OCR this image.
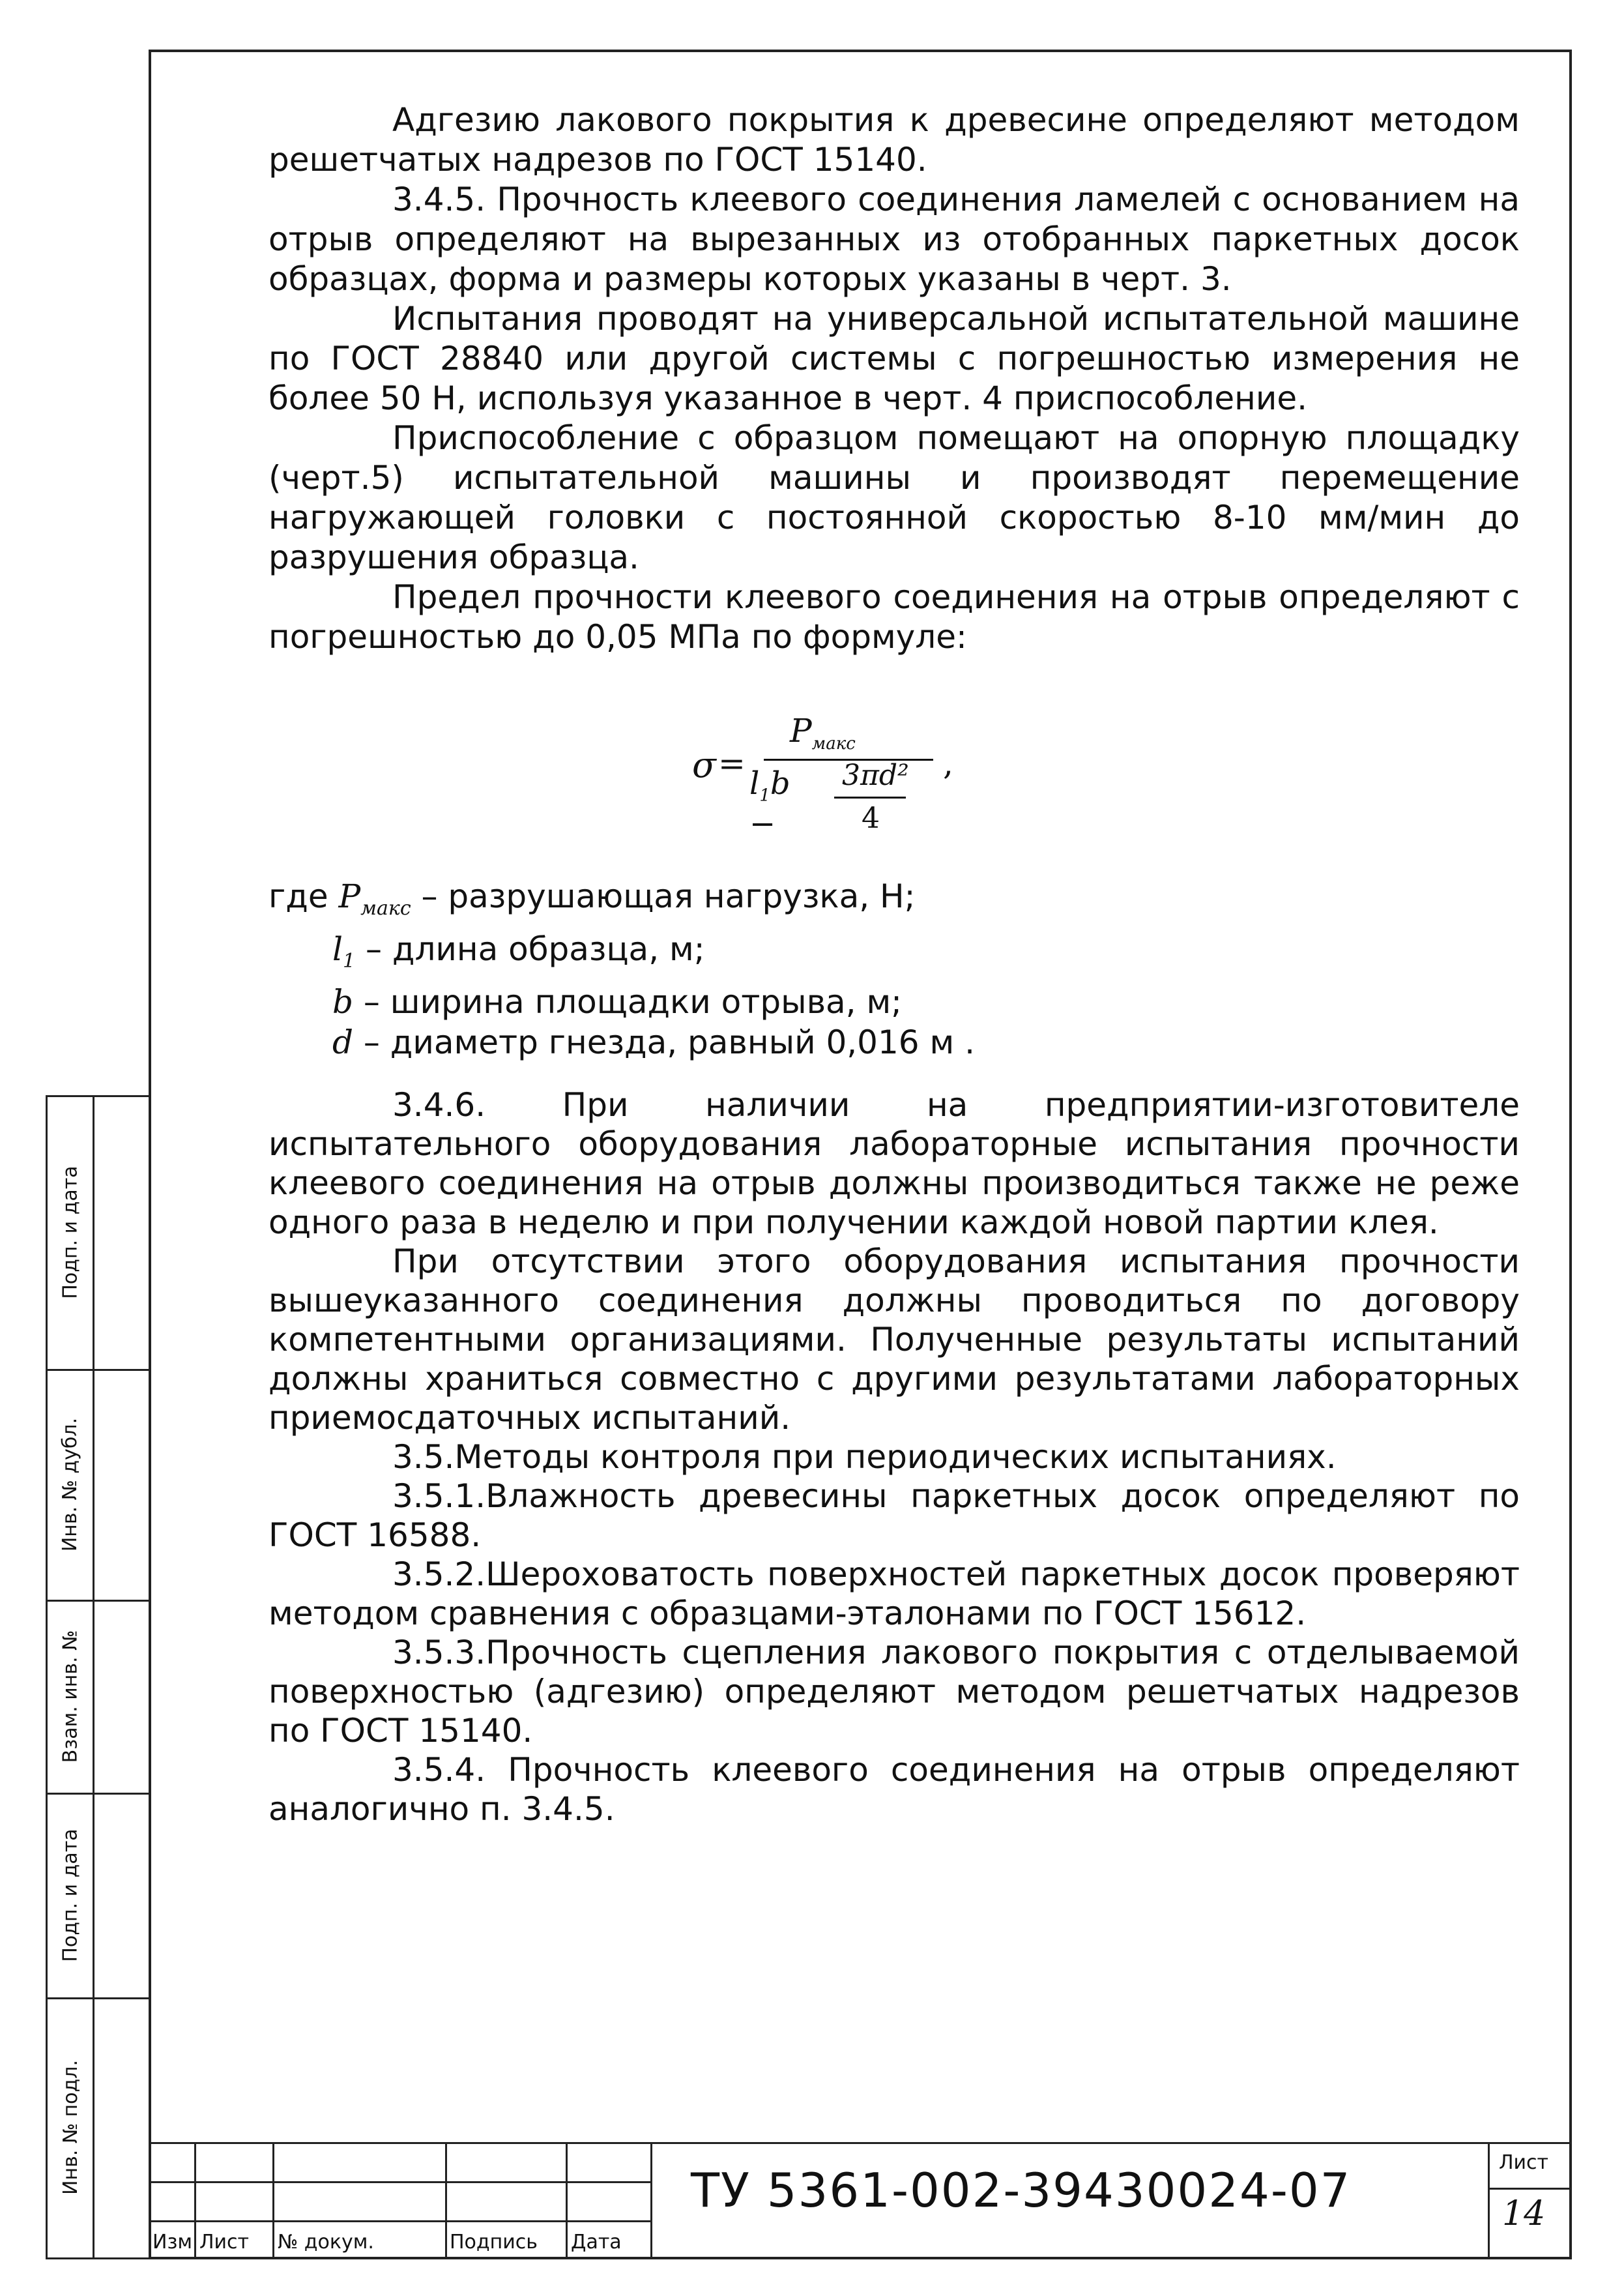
Адгезию лакового покрытия к древесине определяют методом решетчатых надрезов по ГОСТ 15140.

3.4.5. Прочность клеевого соединения ламелей с основанием на отрыв определяют на вырезанных из отобранных паркетных досок образцах, форма и размеры которых указаны в черт. 3.

Испытания проводят на универсальной испытательной машине по ГОСТ 28840 или другой системы с погрешностью измерения не более 50 Н, используя указанное в черт. 4 приспособление.

Приспособление с образцом помещают на опорную площадку (черт.5) испытательной машины и производят перемещение нагружающей головки с постоянной скоростью 8-10 мм/мин до разрушения образца.

Предел прочности клеевого соединения на отрыв определяют с погрешностью до 0,05 МПа по формуле:

σ =
$P_{макс}$
$l_1b$ −
3πd²
4
,
где $P_{макс}$ – разрушающая нагрузка, Н;
$l_1$ – длина образца, м;
b – ширина площадки отрыва, м;
d – диаметр гнезда, равный 0,016 м .

3.4.6. При наличии на предприятии-изготовителе испытательного оборудования лабораторные испытания прочности клеевого соединения на отрыв должны производиться также не реже одного раза в неделю и при получении каждой новой партии клея.

При отсутствии этого оборудования испытания прочности вышеуказанного соединения должны проводиться по договору компетентными организациями. Полученные результаты испытаний должны храниться совместно с другими результатами лабораторных приемосдаточных испытаний.

3.5.Методы контроля при периодических испытаниях.

3.5.1.Влажность древесины паркетных досок определяют по ГОСТ 16588.

3.5.2.Шероховатость поверхностей паркетных досок проверяют методом сравнения с образцами-эталонами по ГОСТ 15612.

3.5.3.Прочность сцепления лакового покрытия с отделываемой поверхностью (адгезию) определяют методом решетчатых надрезов по ГОСТ 15140.

3.5.4. Прочность клеевого соединения на отрыв определяют аналогично п. 3.4.5.

Подп. и дата
Инв. № дубл.
Взам. инв. №
Подп. и дата
Инв. № подл.
Изм Лист № докум.	Подпись Дата
ТУ 5361-002-39430024-07
Лист
14
